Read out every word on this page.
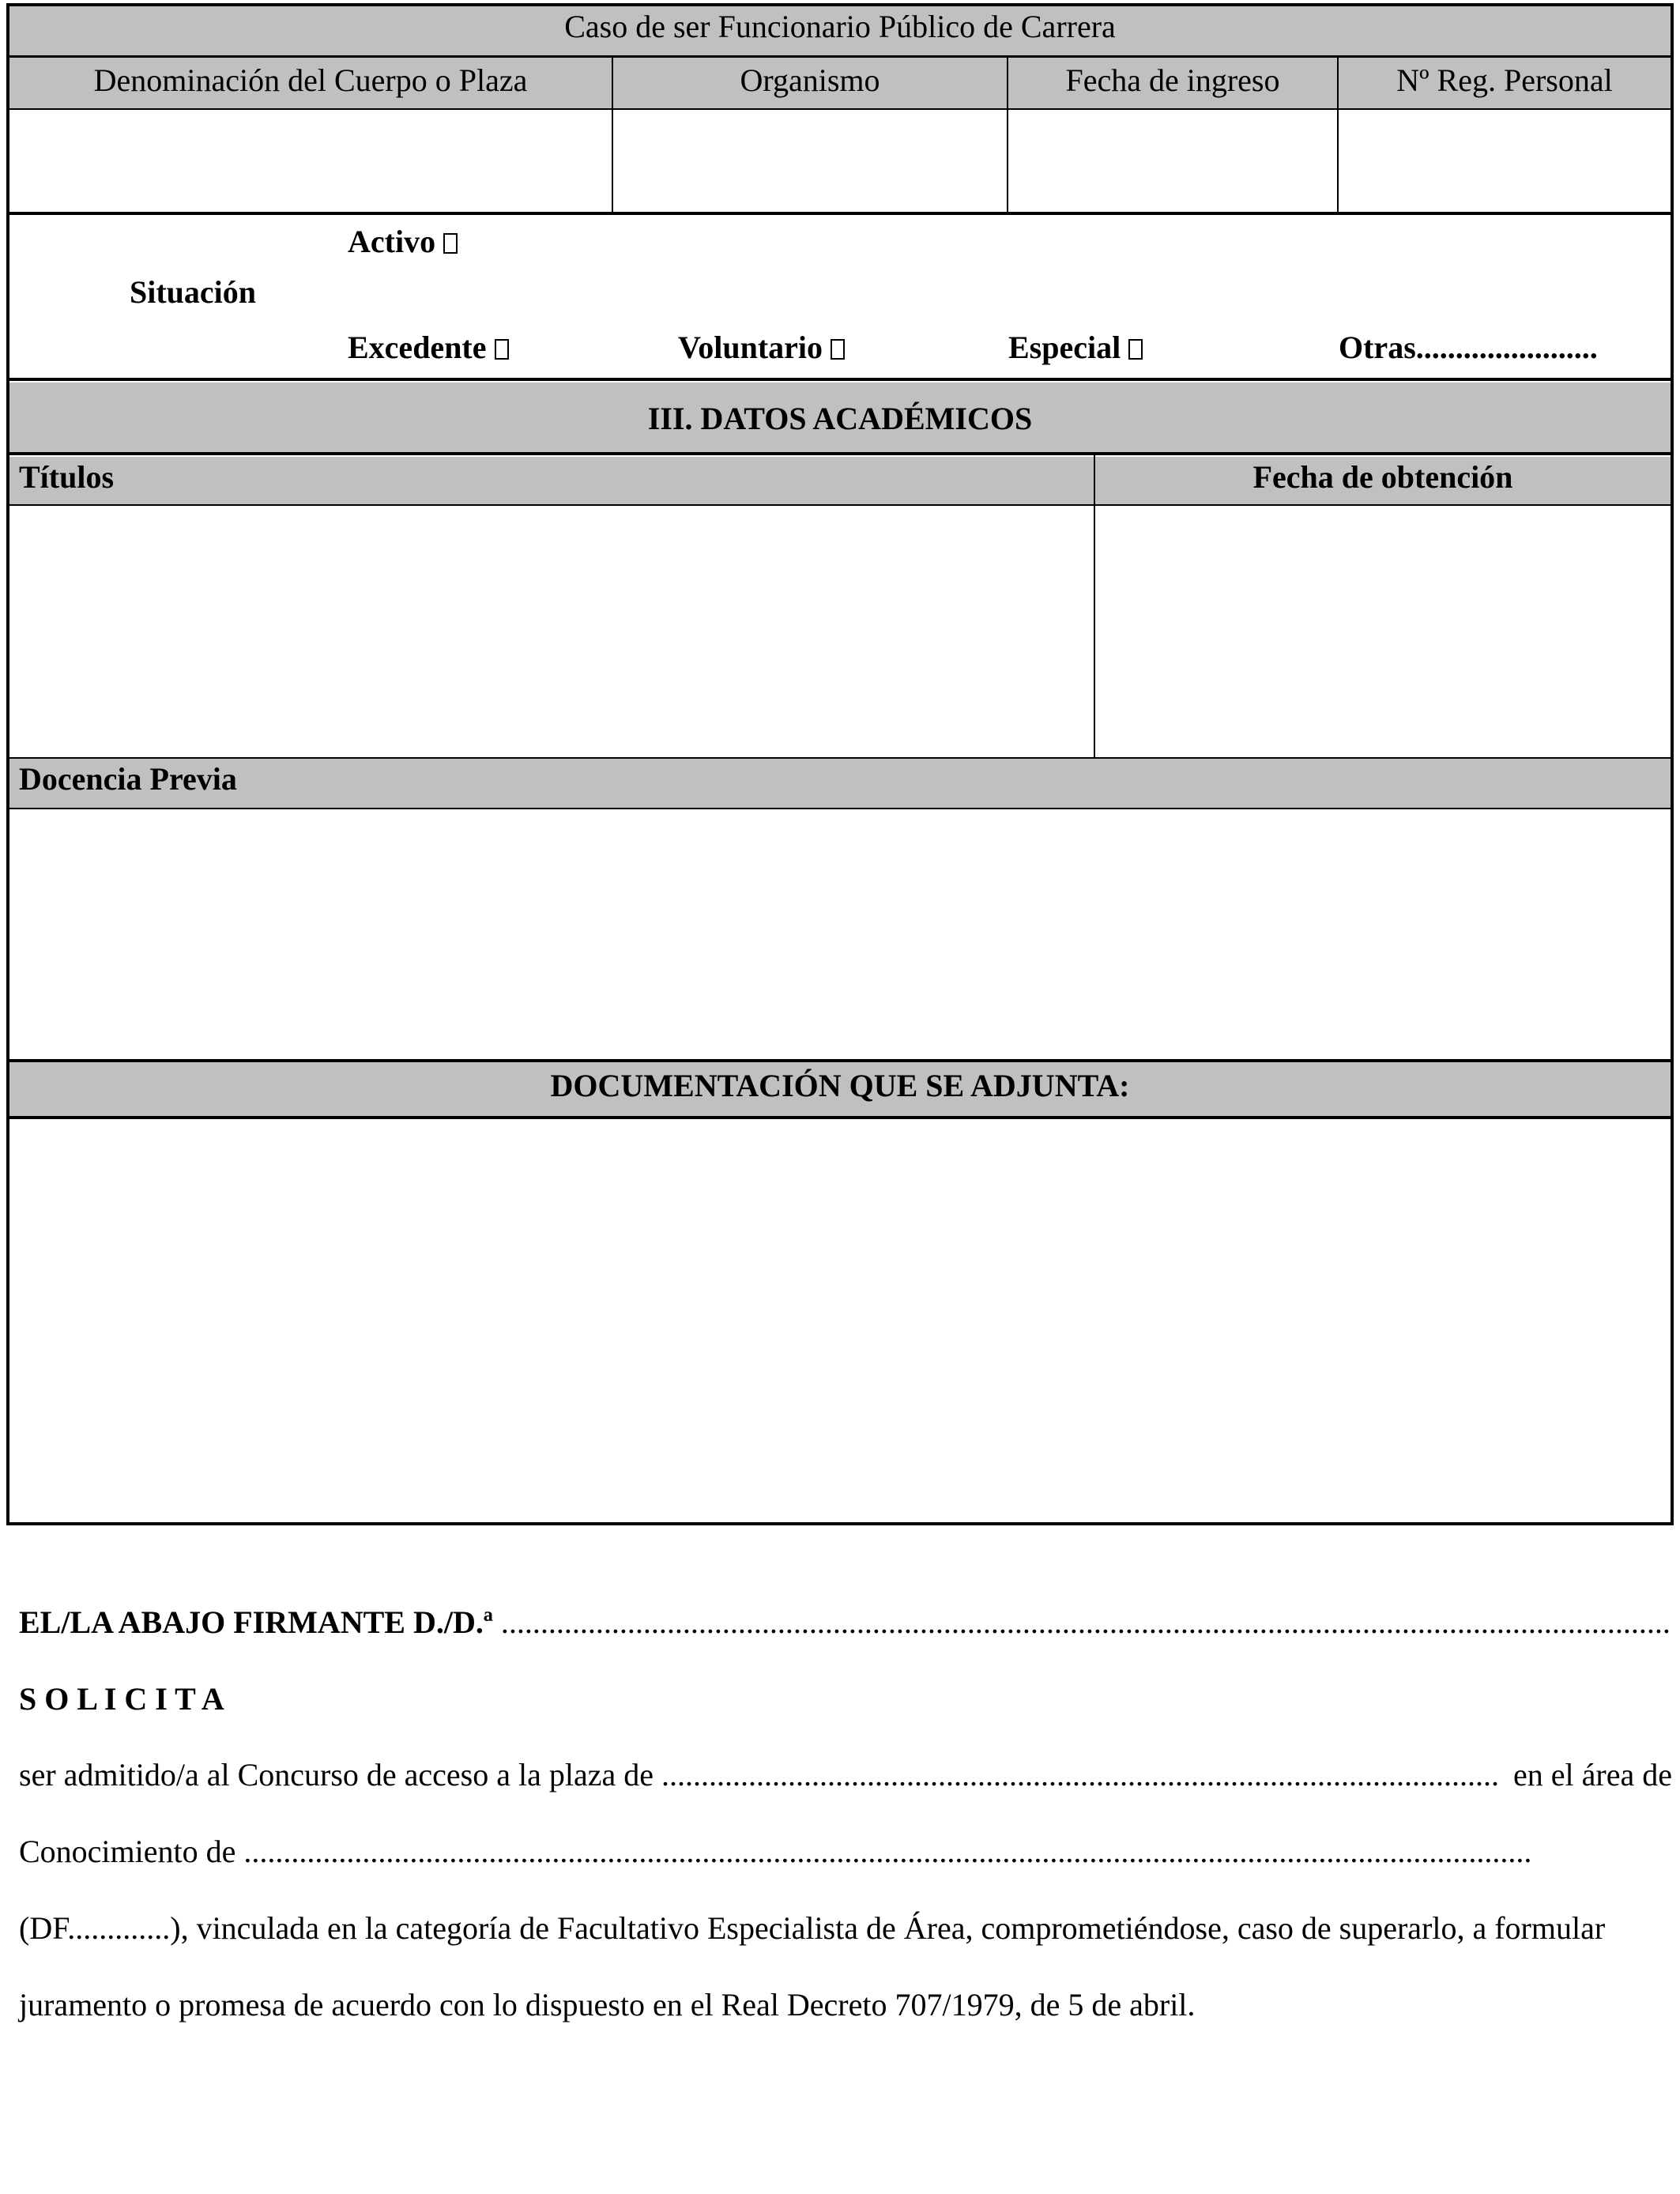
Caso de ser Funcionario Público de Carrera
Denominación del Cuerpo o Plaza	Organismo	Fecha de ingreso	Nº Reg. Personal
Situación
Activo
Excedente	Voluntario	Especial	Otras.......................
III. DATOS ACADÉMICOS
Títulos	Fecha de obtención
Docencia Previa
DOCUMENTACIÓN QUE SE ADJUNTA:
EL/LA ABAJO FIRMANTE D./D.ª ....................................................................................................................................................
S O L I C I T A
ser admitido/a al Concurso de acceso a la plaza de .......................................................................................................... en el área de
Conocimiento de ...................................................................................................................................................................
(DF.............), vinculada en la categoría de Facultativo Especialista de Área, comprometiéndose, caso de superarlo, a formular
juramento o promesa de acuerdo con lo dispuesto en el Real Decreto 707/1979, de 5 de abril.
